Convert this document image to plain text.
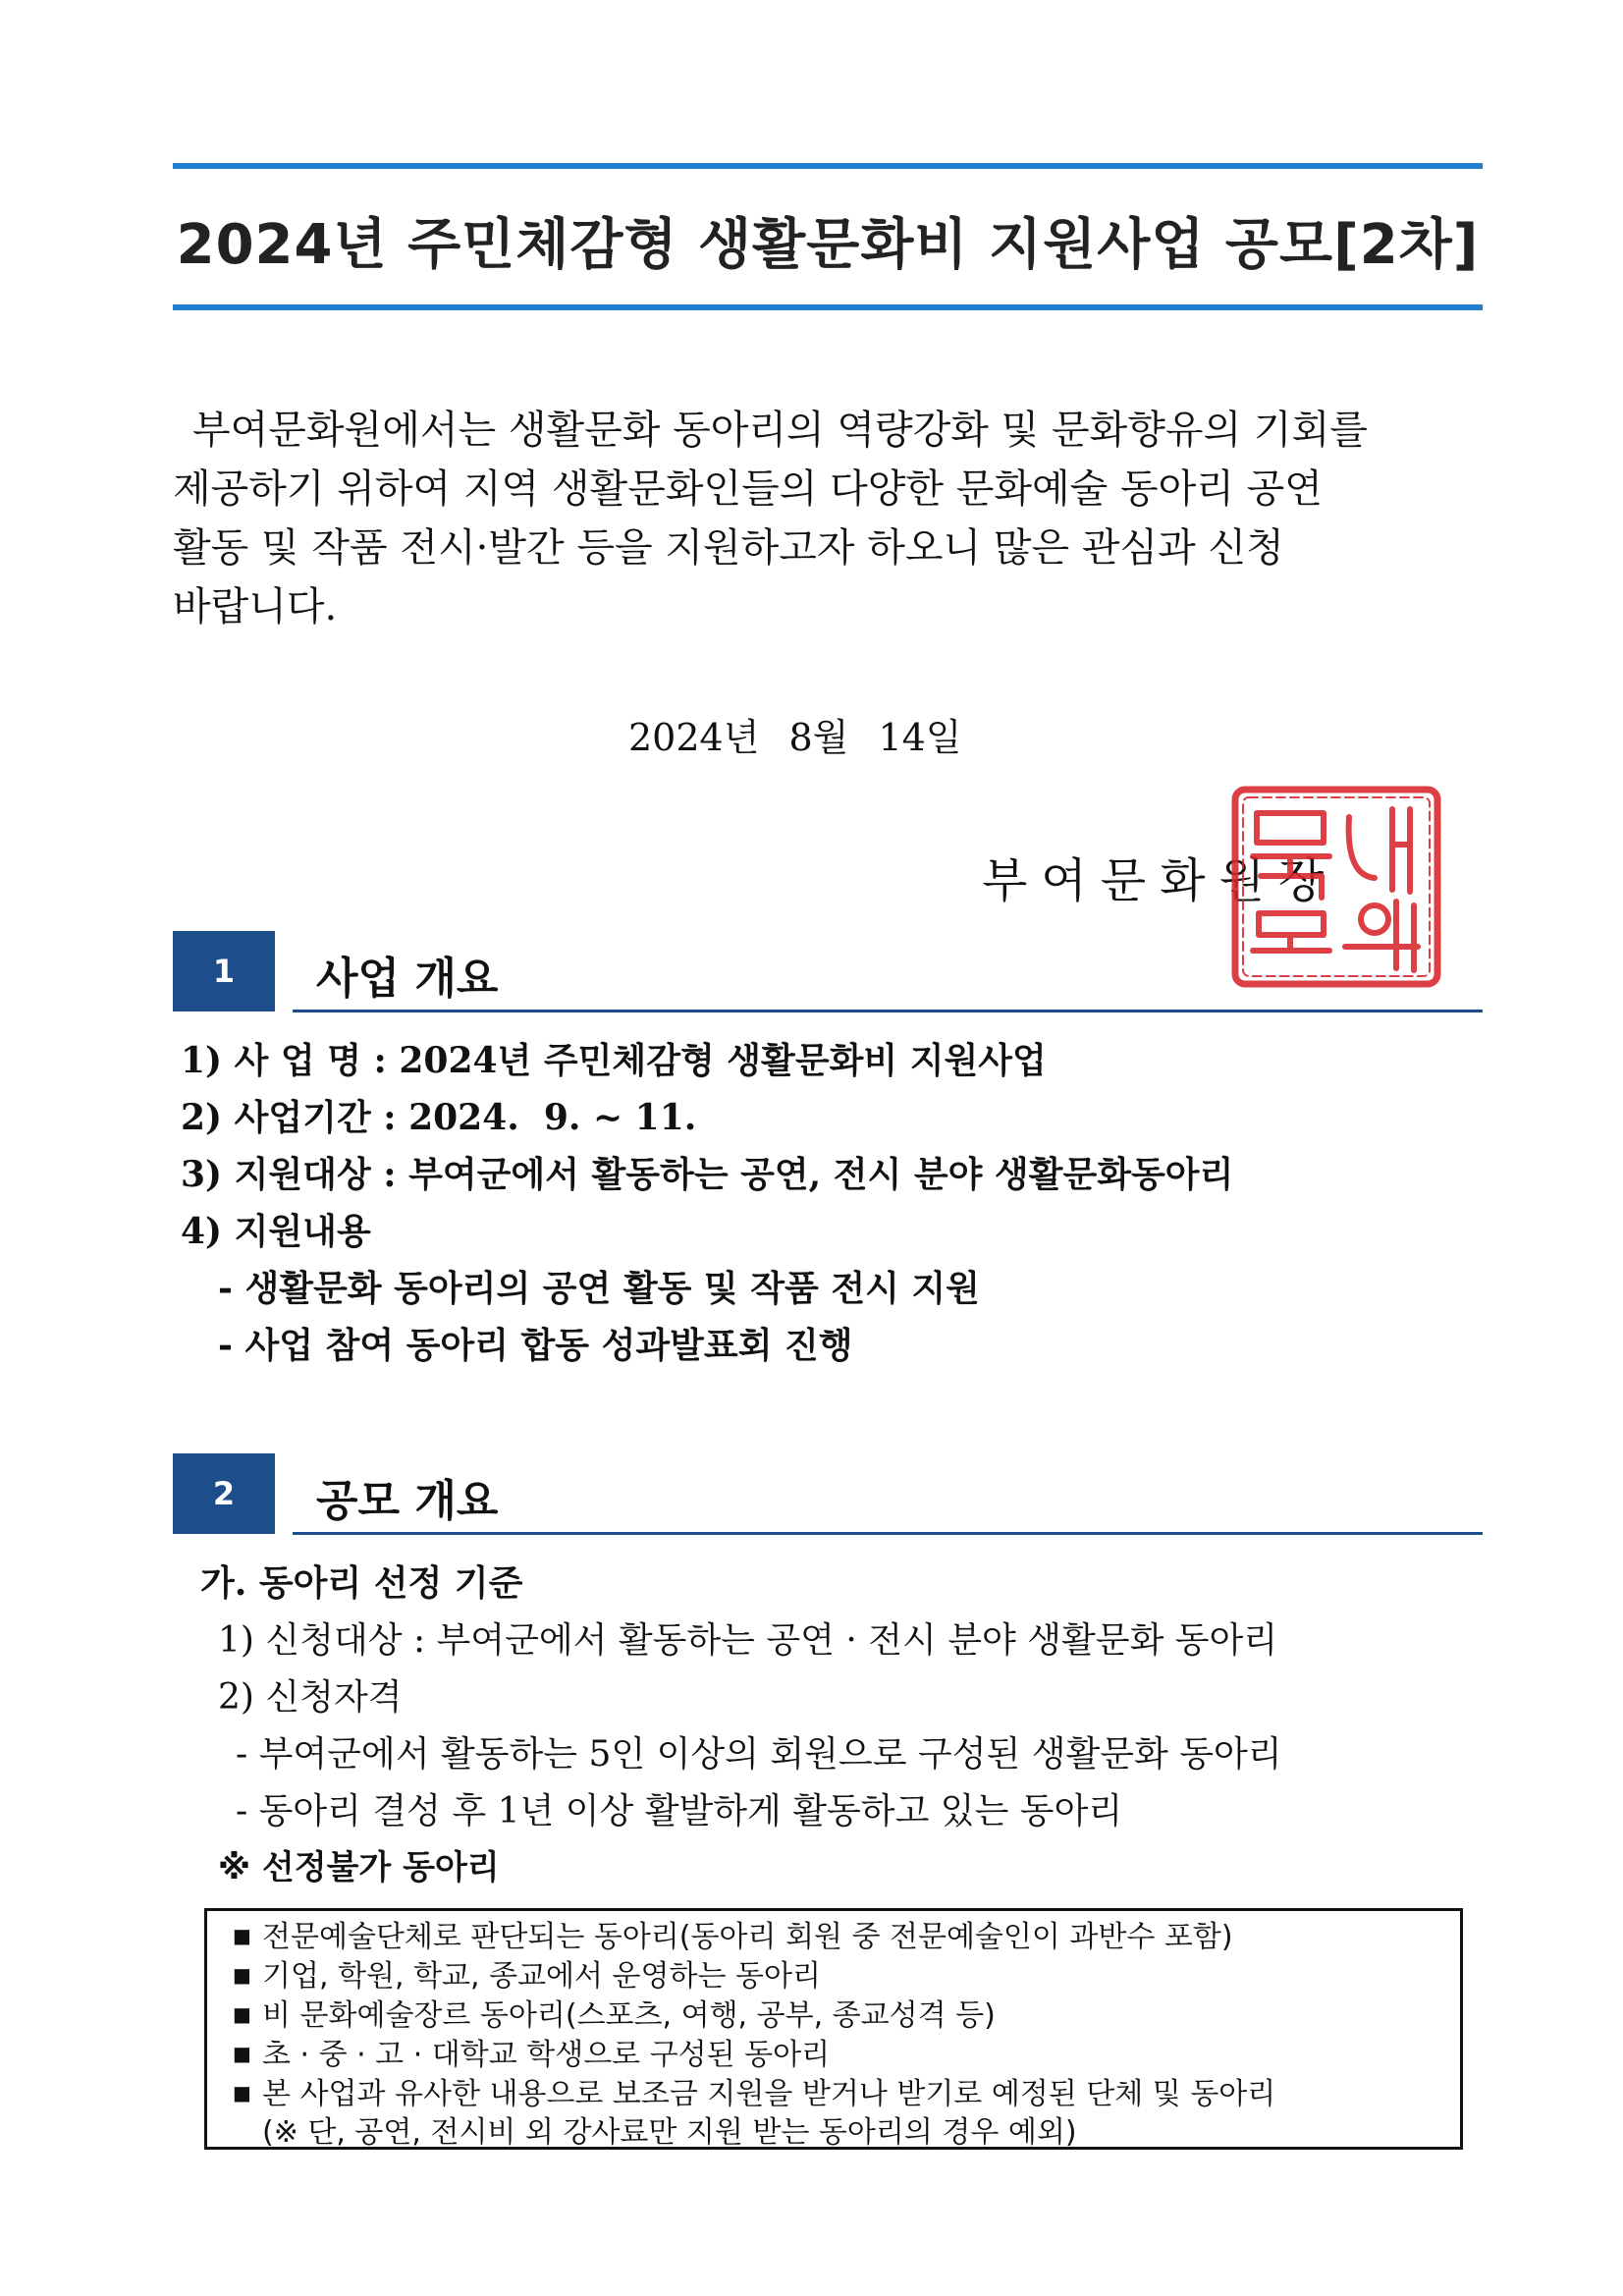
2024년 주민체감형 생활문화비 지원사업 공모[2차]

부여문화원에서는 생활문화 동아리의 역량강화 및 문화향유의 기회를

제공하기 위하여 지역 생활문화인들의 다양한 문화예술 동아리 공연

활동 및 작품 전시·발간 등을 지원하고자 하오니 많은 관심과 신청

바랍니다.

2024년 8월 14일
부여문화원장
1	사업 개요
1) 사 업 명 : 2024년 주민체감형 생활문화비 지원사업
2) 사업기간 : 2024.  9. ~ 11.
3) 지원대상 : 부여군에서 활동하는 공연, 전시 분야 생활문화동아리
4) 지원내용
- 생활문화 동아리의 공연 활동 및 작품 전시 지원
- 사업 참여 동아리 합동 성과발표회 진행
2	공모 개요
가. 동아리 선정 기준
1) 신청대상 : 부여군에서 활동하는 공연 · 전시 분야 생활문화 동아리
2) 신청자격
- 부여군에서 활동하는 5인 이상의 회원으로 구성된 생활문화 동아리
- 동아리 결성 후 1년 이상 활발하게 활동하고 있는 동아리
※ 선정불가 동아리
■ 전문예술단체로 판단되는 동아리(동아리 회원 중 전문예술인이 과반수 포함)
■ 기업, 학원, 학교, 종교에서 운영하는 동아리
■ 비 문화예술장르 동아리(스포츠, 여행, 공부, 종교성격 등)
■ 초 · 중 · 고 · 대학교 학생으로 구성된 동아리
■ 본 사업과 유사한 내용으로 보조금 지원을 받거나 받기로 예정된 단체 및 동아리
(※ 단, 공연, 전시비 외 강사료만 지원 받는 동아리의 경우 예외)
